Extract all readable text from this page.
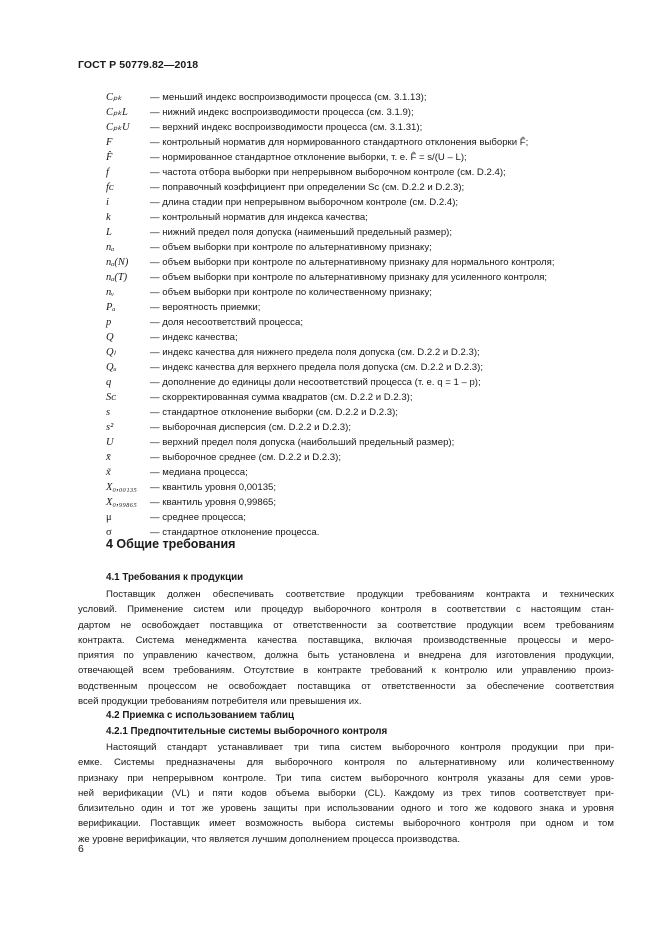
ГОСТ Р 50779.82—2018
Cₚₖ	— меньший индекс воспроизводимости процесса (см. 3.1.13);
CₚₖL	— нижний индекс воспроизводимости процесса (см. 3.1.9);
CₚₖU	— верхний индекс воспроизводимости процесса (см. 3.1.31);
F	— контрольный норматив для нормированного стандартного отклонения выборки F̂;
F̂	— нормированное стандартное отклонение выборки, т. е. F̂ = s/(U – L);
f	— частота отбора выборки при непрерывном выборочном контроле (см. D.2.4);
fᴄ	— поправочный коэффициент при определении Sᴄ (см. D.2.2 и D.2.3);
i	— длина стадии при непрерывном выборочном контроле (см. D.2.4);
k	— контрольный норматив для индекса качества;
L	— нижний предел поля допуска (наименьший предельный размер);
nₐ	— объем выборки при контроле по альтернативному признаку;
nₐ(N)	— объем выборки при контроле по альтернативному признаку для нормального контроля;
nₐ(T)	— объем выборки при контроле по альтернативному признаку для усиленного контроля;
nᵥ	— объем выборки при контроле по количественному признаку;
Pₐ	— вероятность приемки;
p	— доля несоответствий процесса;
Q	— индекс качества;
Qₗ	— индекс качества для нижнего предела поля допуска (см. D.2.2 и D.2.3);
Qᵤ	— индекс качества для верхнего предела поля допуска (см. D.2.2 и D.2.3);
q	— дополнение до единицы доли несоответствий процесса (т. е. q = 1 – p);
Sᴄ	— скорректированная сумма квадратов (см. D.2.2 и D.2.3);
s	— стандартное отклонение выборки (см. D.2.2 и D.2.3);
s²	— выборочная дисперсия (см. D.2.2 и D.2.3);
U	— верхний предел поля допуска (наибольший предельный размер);
x̄	— выборочное среднее (см. D.2.2 и D.2.3);
x̃	— медиана процесса;
X₀,₀₀₁₃₅	— квантиль уровня 0,00135;
X₀,₉₉₈₆₅	— квантиль уровня 0,99865;
μ	— среднее процесса;
σ	— стандартное отклонение процесса.
4 Общие требования
4.1 Требования к продукции
Поставщик должен обеспечивать соответствие продукции требованиям контракта и технических
условий. Применение систем или процедур выборочного контроля в соответствии с настоящим стан-
дартом не освобождает поставщика от ответственности за соответствие продукции всем требованиям
контракта. Система менеджмента качества поставщика, включая производственные процессы и меро-
приятия по управлению качеством, должна быть установлена и внедрена для изготовления продукции,
отвечающей всем требованиям. Отсутствие в контракте требований к контролю или управлению произ-
водственным процессом не освобождает поставщика от ответственности за обеспечение соответствия
всей продукции требованиям потребителя или превышения их.
4.2 Приемка с использованием таблиц
4.2.1 Предпочтительные системы выборочного контроля
Настоящий стандарт устанавливает три типа систем выборочного контроля продукции при при-
емке. Системы предназначены для выборочного контроля по альтернативному или количественному
признаку при непрерывном контроле. Три типа систем выборочного контроля указаны для семи уров-
ней верификации (VL) и пяти кодов объема выборки (CL). Каждому из трех типов соответствует при-
близительно один и тот же уровень защиты при использовании одного и того же кодового знака и уровня
верификации. Поставщик имеет возможность выбора системы выборочного контроля при одном и том
же уровне верификации, что является лучшим дополнением процесса производства.
6
